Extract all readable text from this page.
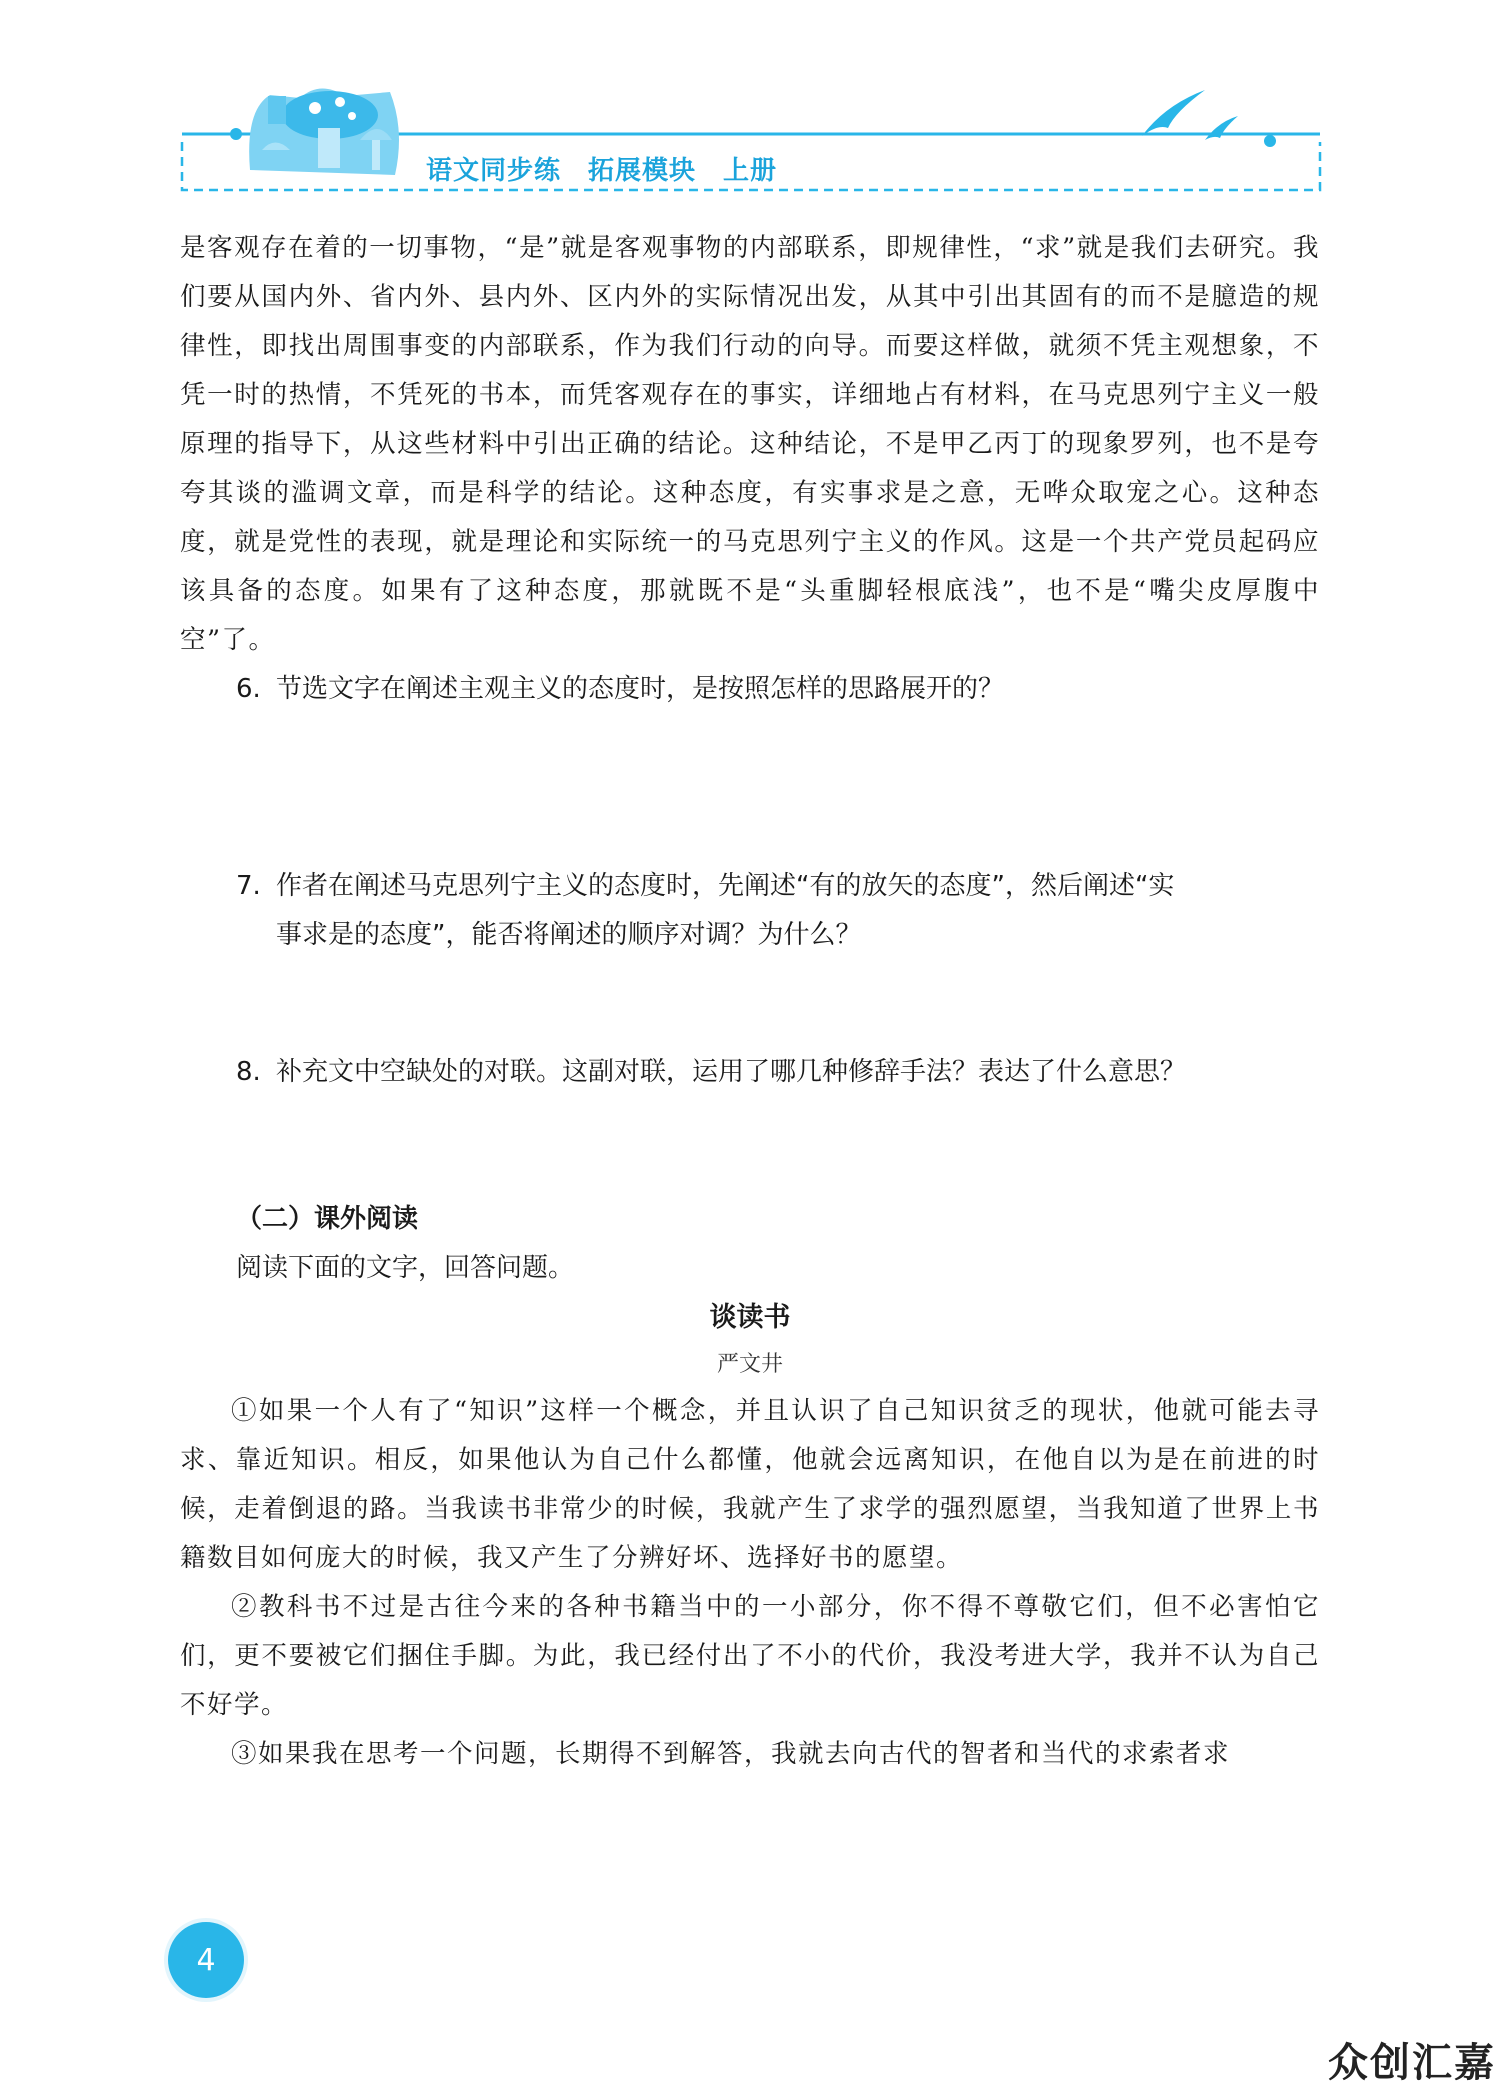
语文同步练　拓展模块　上册

是客观存在着的一切事物，“是”就是客观事物的内部联系，即规律性，“求”就是我们去研究。我们要从国内外、省内外、县内外、区内外的实际情况出发，从其中引出其固有的而不是臆造的规律性，即找出周围事变的内部联系，作为我们行动的向导。而要这样做，就须不凭主观想象，不凭一时的热情，不凭死的书本，而凭客观存在的事实，详细地占有材料，在马克思列宁主义一般原理的指导下，从这些材料中引出正确的结论。这种结论，不是甲乙丙丁的现象罗列，也不是夸夸其谈的滥调文章，而是科学的结论。这种态度，有实事求是之意，无哗众取宠之心。这种态度，就是党性的表现，就是理论和实际统一的马克思列宁主义的作风。这是一个共产党员起码应该具备的态度。如果有了这种态度，那就既不是“头重脚轻根底浅”，也不是“嘴尖皮厚腹中空”了。

6. 节选文字在阐述主观主义的态度时，是按照怎样的思路展开的？

7. 作者在阐述马克思列宁主义的态度时，先阐述“有的放矢的态度”，然后阐述“实
事求是的态度”，能否将阐述的顺序对调？为什么？

8. 补充文中空缺处的对联。这副对联，运用了哪几种修辞手法？表达了什么意思？

（二）课外阅读

阅读下面的文字，回答问题。

谈读书

严文井

①如果一个人有了“知识”这样一个概念，并且认识了自己知识贫乏的现状，他就可能去寻求、靠近知识。相反，如果他认为自己什么都懂，他就会远离知识，在他自以为是在前进的时候，走着倒退的路。当我读书非常少的时候，我就产生了求学的强烈愿望，当我知道了世界上书籍数目如何庞大的时候，我又产生了分辨好坏、选择好书的愿望。

②教科书不过是古往今来的各种书籍当中的一小部分，你不得不尊敬它们，但不必害怕它们，更不要被它们捆住手脚。为此，我已经付出了不小的代价，我没考进大学，我并不认为自己不好学。

③如果我在思考一个问题，长期得不到解答，我就去向古代的智者和当代的求索者求

4
众创汇嘉
